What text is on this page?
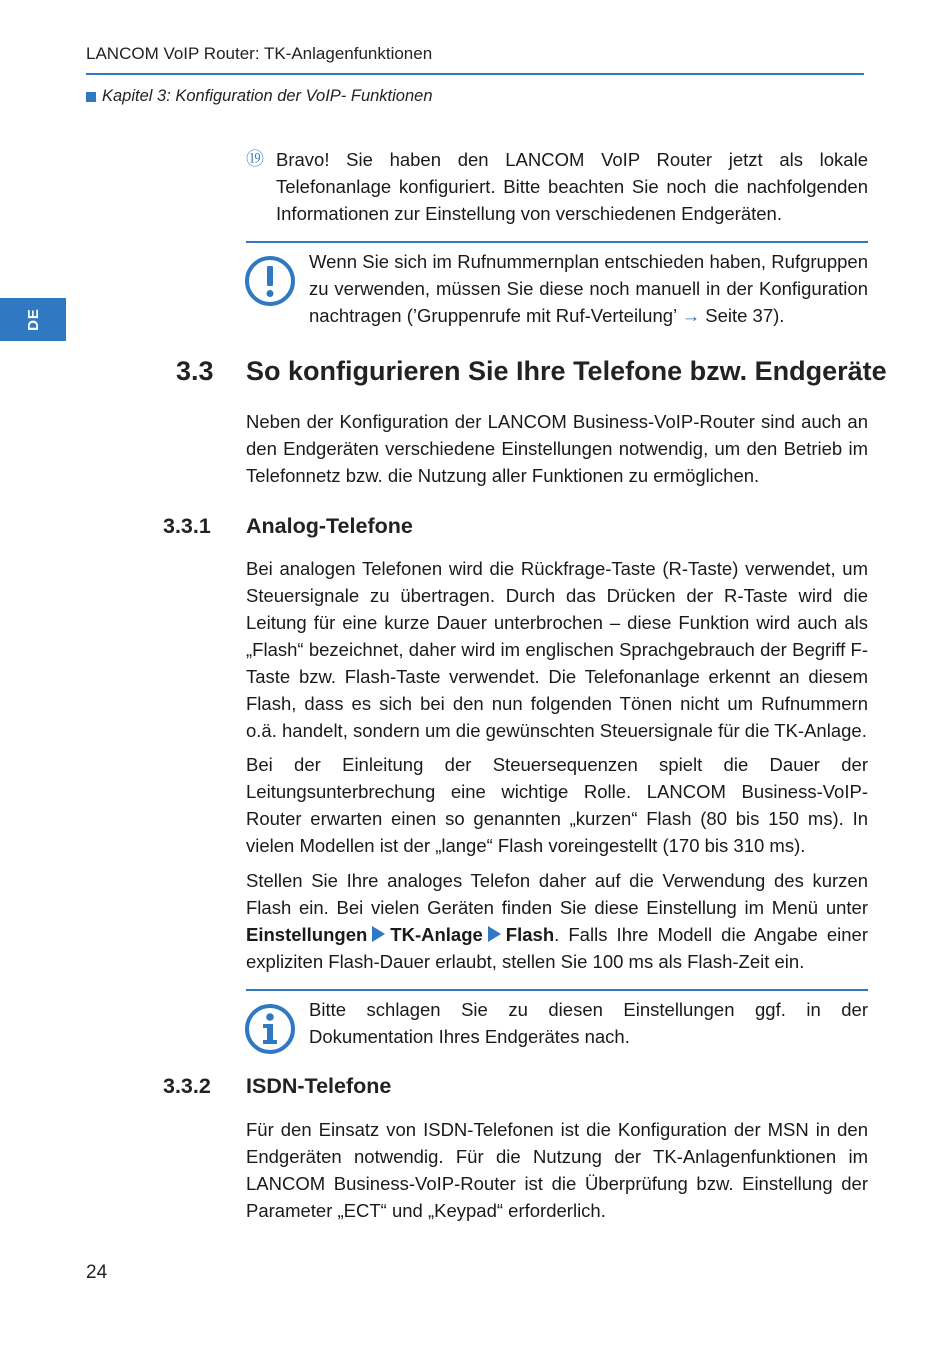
LANCOM VoIP Router: TK-Anlagenfunktionen
Kapitel 3: Konfiguration der VoIP- Funktionen
DE
⑲ Bravo! Sie haben den LANCOM VoIP Router jetzt als lokale Telefonanlage konfiguriert. Bitte beachten Sie noch die nachfolgenden Informationen zur Einstellung von verschiedenen Endgeräten.
Wenn Sie sich im Rufnummernplan entschieden haben, Rufgruppen zu verwenden, müssen Sie diese noch manuell in der Konfiguration nachtragen (’Gruppenrufe mit Ruf-Verteilung’ → Seite 37).
3.3	So konfigurieren Sie Ihre Telefone bzw. Endgeräte
Neben der Konfiguration der LANCOM Business-VoIP-Router sind auch an den Endgeräten verschiedene Einstellungen notwendig, um den Betrieb im Telefonnetz bzw. die Nutzung aller Funktionen zu ermöglichen.
3.3.1	Analog-Telefone
Bei analogen Telefonen wird die Rückfrage-Taste (R-Taste) verwendet, um Steuersignale zu übertragen. Durch das Drücken der R-Taste wird die Leitung für eine kurze Dauer unterbrochen – diese Funktion wird auch als „Flash“ bezeichnet, daher wird im englischen Sprachgebrauch der Begriff F-Taste bzw. Flash-Taste verwendet. Die Telefonanlage erkennt an diesem Flash, dass es sich bei den nun folgenden Tönen nicht um Rufnummern o.ä. handelt, sondern um die gewünschten Steuersignale für die TK-Anlage.
Bei der Einleitung der Steuersequenzen spielt die Dauer der Leitungsunterbrechung eine wichtige Rolle. LANCOM Business-VoIP-Router erwarten einen so genannten „kurzen“ Flash (80 bis 150 ms). In vielen Modellen ist der „lange“ Flash voreingestellt (170 bis 310 ms).
Stellen Sie Ihre analoges Telefon daher auf die Verwendung des kurzen Flash ein. Bei vielen Geräten finden Sie diese Einstellung im Menü unter Einstellungen TK-Anlage Flash. Falls Ihre Modell die Angabe einer expliziten Flash-Dauer erlaubt, stellen Sie 100 ms als Flash-Zeit ein.
Bitte schlagen Sie zu diesen Einstellungen ggf. in der Dokumentation Ihres Endgerätes nach.
3.3.2	ISDN-Telefone
Für den Einsatz von ISDN-Telefonen ist die Konfiguration der MSN in den Endgeräten notwendig. Für die Nutzung der TK-Anlagenfunktionen im LANCOM Business-VoIP-Router ist die Überprüfung bzw. Einstellung der Parameter „ECT“ und „Keypad“ erforderlich.
24
